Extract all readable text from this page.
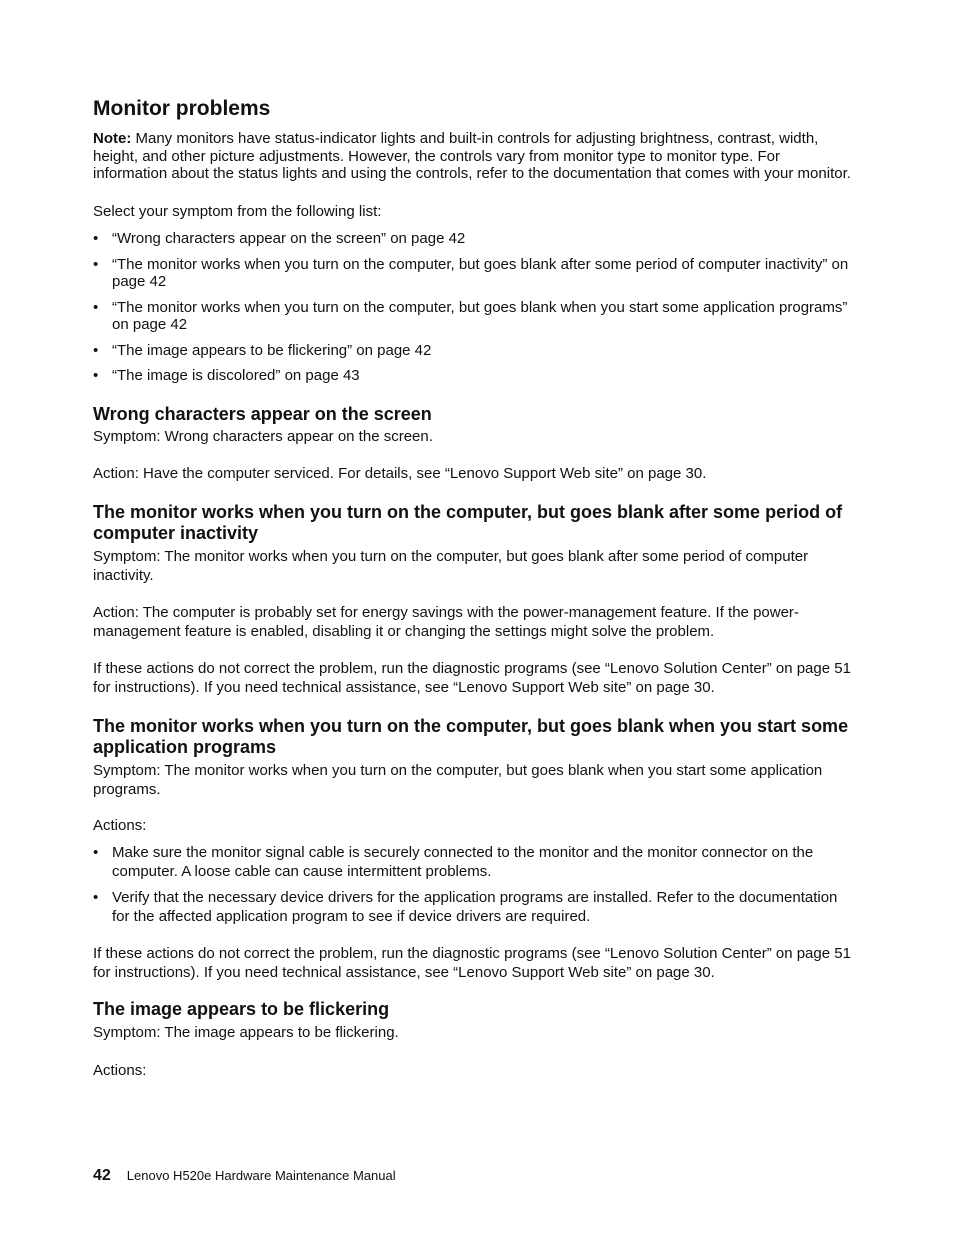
Monitor problems

Note: Many monitors have status-indicator lights and built-in controls for adjusting brightness, contrast, width, height, and other picture adjustments. However, the controls vary from monitor type to monitor type. For information about the status lights and using the controls, refer to the documentation that comes with your monitor.

Select your symptom from the following list:

• “Wrong characters appear on the screen” on page 42
• “The monitor works when you turn on the computer, but goes blank after some period of computer inactivity” on page 42
• “The monitor works when you turn on the computer, but goes blank when you start some application programs” on page 42
• “The image appears to be flickering” on page 42
• “The image is discolored” on page 43
Wrong characters appear on the screen

Symptom: Wrong characters appear on the screen.

Action: Have the computer serviced. For details, see “Lenovo Support Web site” on page 30.

The monitor works when you turn on the computer, but goes blank after some period of computer inactivity

Symptom: The monitor works when you turn on the computer, but goes blank after some period of computer inactivity.

Action: The computer is probably set for energy savings with the power-management feature. If the power-management feature is enabled, disabling it or changing the settings might solve the problem.

If these actions do not correct the problem, run the diagnostic programs (see “Lenovo Solution Center” on page 51 for instructions). If you need technical assistance, see “Lenovo Support Web site” on page 30.

The monitor works when you turn on the computer, but goes blank when you start some application programs

Symptom: The monitor works when you turn on the computer, but goes blank when you start some application programs.

Actions:

• Make sure the monitor signal cable is securely connected to the monitor and the monitor connector on the computer. A loose cable can cause intermittent problems.
• Verify that the necessary device drivers for the application programs are installed. Refer to the documentation for the affected application program to see if device drivers are required.

If these actions do not correct the problem, run the diagnostic programs (see “Lenovo Solution Center” on page 51 for instructions). If you need technical assistance, see “Lenovo Support Web site” on page 30.

The image appears to be flickering

Symptom: The image appears to be flickering.

Actions:

42 Lenovo H520e Hardware Maintenance Manual
